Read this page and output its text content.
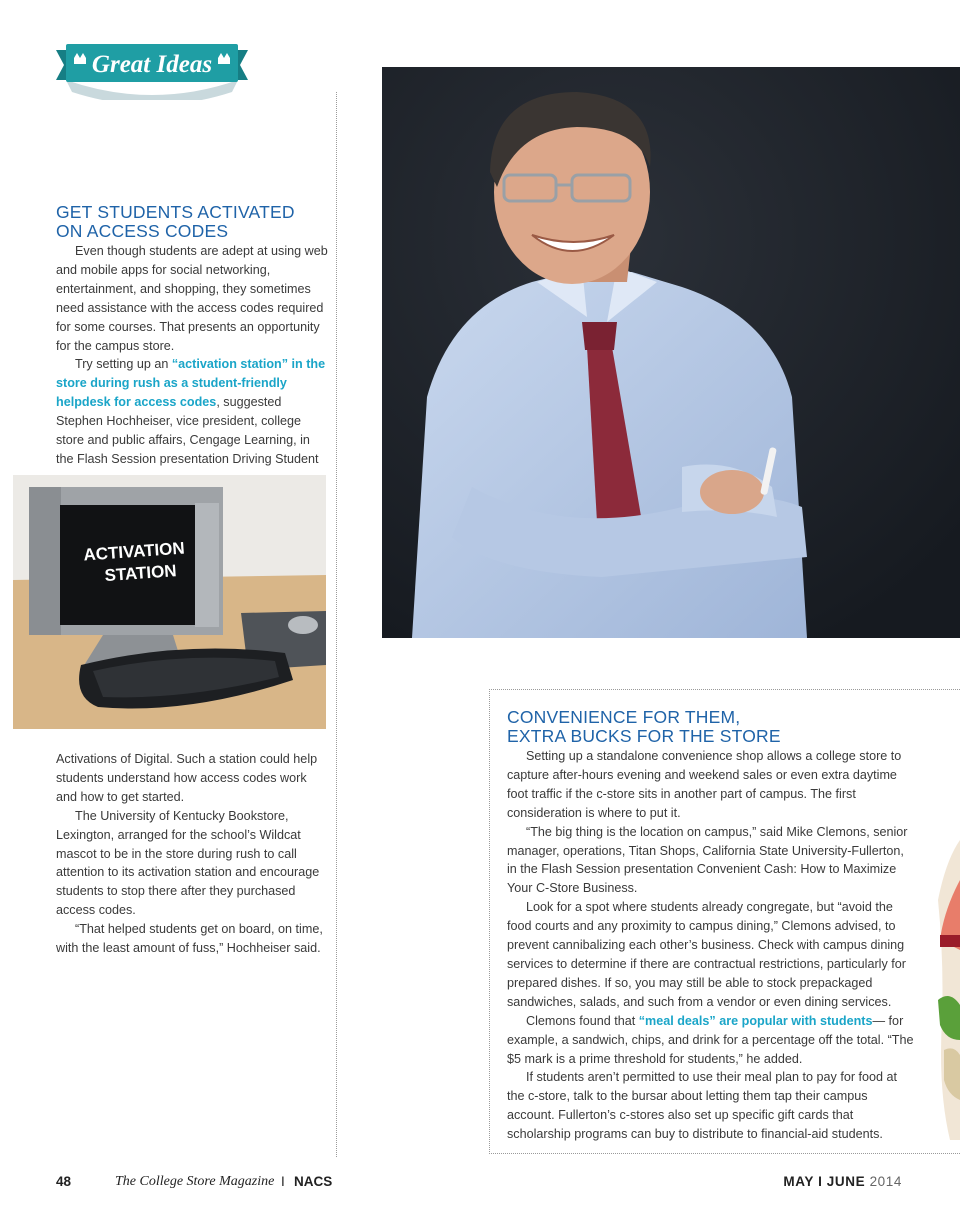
Great Ideas
GET STUDENTS ACTIVATED
ON ACCESS CODES

Even though students are adept at using web and mobile apps for social networking, entertainment, and shopping, they sometimes need assistance with the access codes required for some courses. That presents an opportunity for the campus store.

Try setting up an “activation station” in the store during rush as a student-friendly helpdesk for access codes, suggested Stephen Hochheiser, vice president, college store and public affairs, Cengage Learning, in the Flash Session presentation Driving Student

ACTIVATION
STATION

Activations of Digital. Such a station could help students understand how access codes work and how to get started.

The University of Kentucky Bookstore, Lexington, arranged for the school’s Wildcat mascot to be in the store during rush to call attention to its activation station and encourage students to stop there after they purchased access codes.

“That helped students get on board, on time, with the least amount of fuss,” Hochheiser said.

CONVENIENCE FOR THEM,
EXTRA BUCKS FOR THE STORE

Setting up a standalone convenience shop allows a college store to capture after-hours evening and weekend sales or even extra daytime foot traffic if the c-store sits in another part of campus. The first consideration is where to put it.

“The big thing is the location on campus,” said Mike Clemons, senior manager, operations, Titan Shops, California State University-Fullerton, in the Flash Session presentation Convenient Cash: How to Maximize Your C-Store Business.

Look for a spot where students already congregate, but “avoid the food courts and any proximity to campus dining,” Clemons advised, to prevent cannibalizing each other’s business. Check with campus dining services to determine if there are contractual restrictions, particularly for prepared dishes. If so, you may still be able to stock prepackaged sandwiches, salads, and such from a vendor or even dining services.

Clemons found that “meal deals” are popular with students— for example, a sandwich, chips, and drink for a percentage off the total. “The $5 mark is a prime threshold for students,” he added.

If students aren’t permitted to use their meal plan to pay for food at the c-store, talk to the bursar about letting them tap their campus account. Fullerton’s c-stores also set up specific gift cards that scholarship programs can buy to distribute to financial-aid students.

48	The College Store Magazine I NACS	MAY I JUNE 2014
